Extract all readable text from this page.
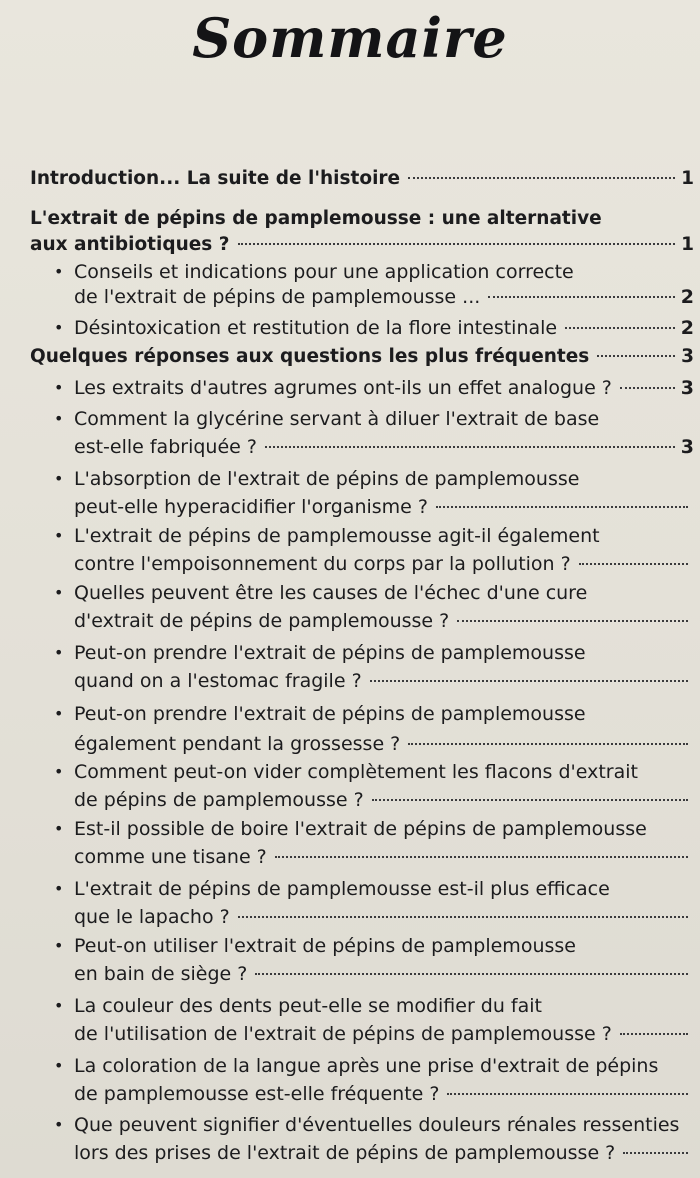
Sommaire
Introduction... La suite de l'histoire	1
L'extrait de pépins de pamplemousse : une alternative
aux antibiotiques ?	1
• Conseils et indications pour une application correcte
de l'extrait de pépins de pamplemousse ...	2
• Désintoxication et restitution de la flore intestinale	2
Quelques réponses aux questions les plus fréquentes	3
• Les extraits d'autres agrumes ont-ils un effet analogue ?	3
• Comment la glycérine servant à diluer l'extrait de base
est-elle fabriquée ?	3
• L'absorption de l'extrait de pépins de pamplemousse
peut-elle hyperacidifier l'organisme ?
• L'extrait de pépins de pamplemousse agit-il également
contre l'empoisonnement du corps par la pollution ?
• Quelles peuvent être les causes de l'échec d'une cure
d'extrait de pépins de pamplemousse ?
• Peut-on prendre l'extrait de pépins de pamplemousse
quand on a l'estomac fragile ?
• Peut-on prendre l'extrait de pépins de pamplemousse
également pendant la grossesse ?
• Comment peut-on vider complètement les flacons d'extrait
de pépins de pamplemousse ?
• Est-il possible de boire l'extrait de pépins de pamplemousse
comme une tisane ?
• L'extrait de pépins de pamplemousse est-il plus efficace
que le lapacho ?
• Peut-on utiliser l'extrait de pépins de pamplemousse
en bain de siège ?
• La couleur des dents peut-elle se modifier du fait
de l'utilisation de l'extrait de pépins de pamplemousse ?
• La coloration de la langue après une prise d'extrait de pépins
de pamplemousse est-elle fréquente ?
• Que peuvent signifier d'éventuelles douleurs rénales ressenties
lors des prises de l'extrait de pépins de pamplemousse ?
